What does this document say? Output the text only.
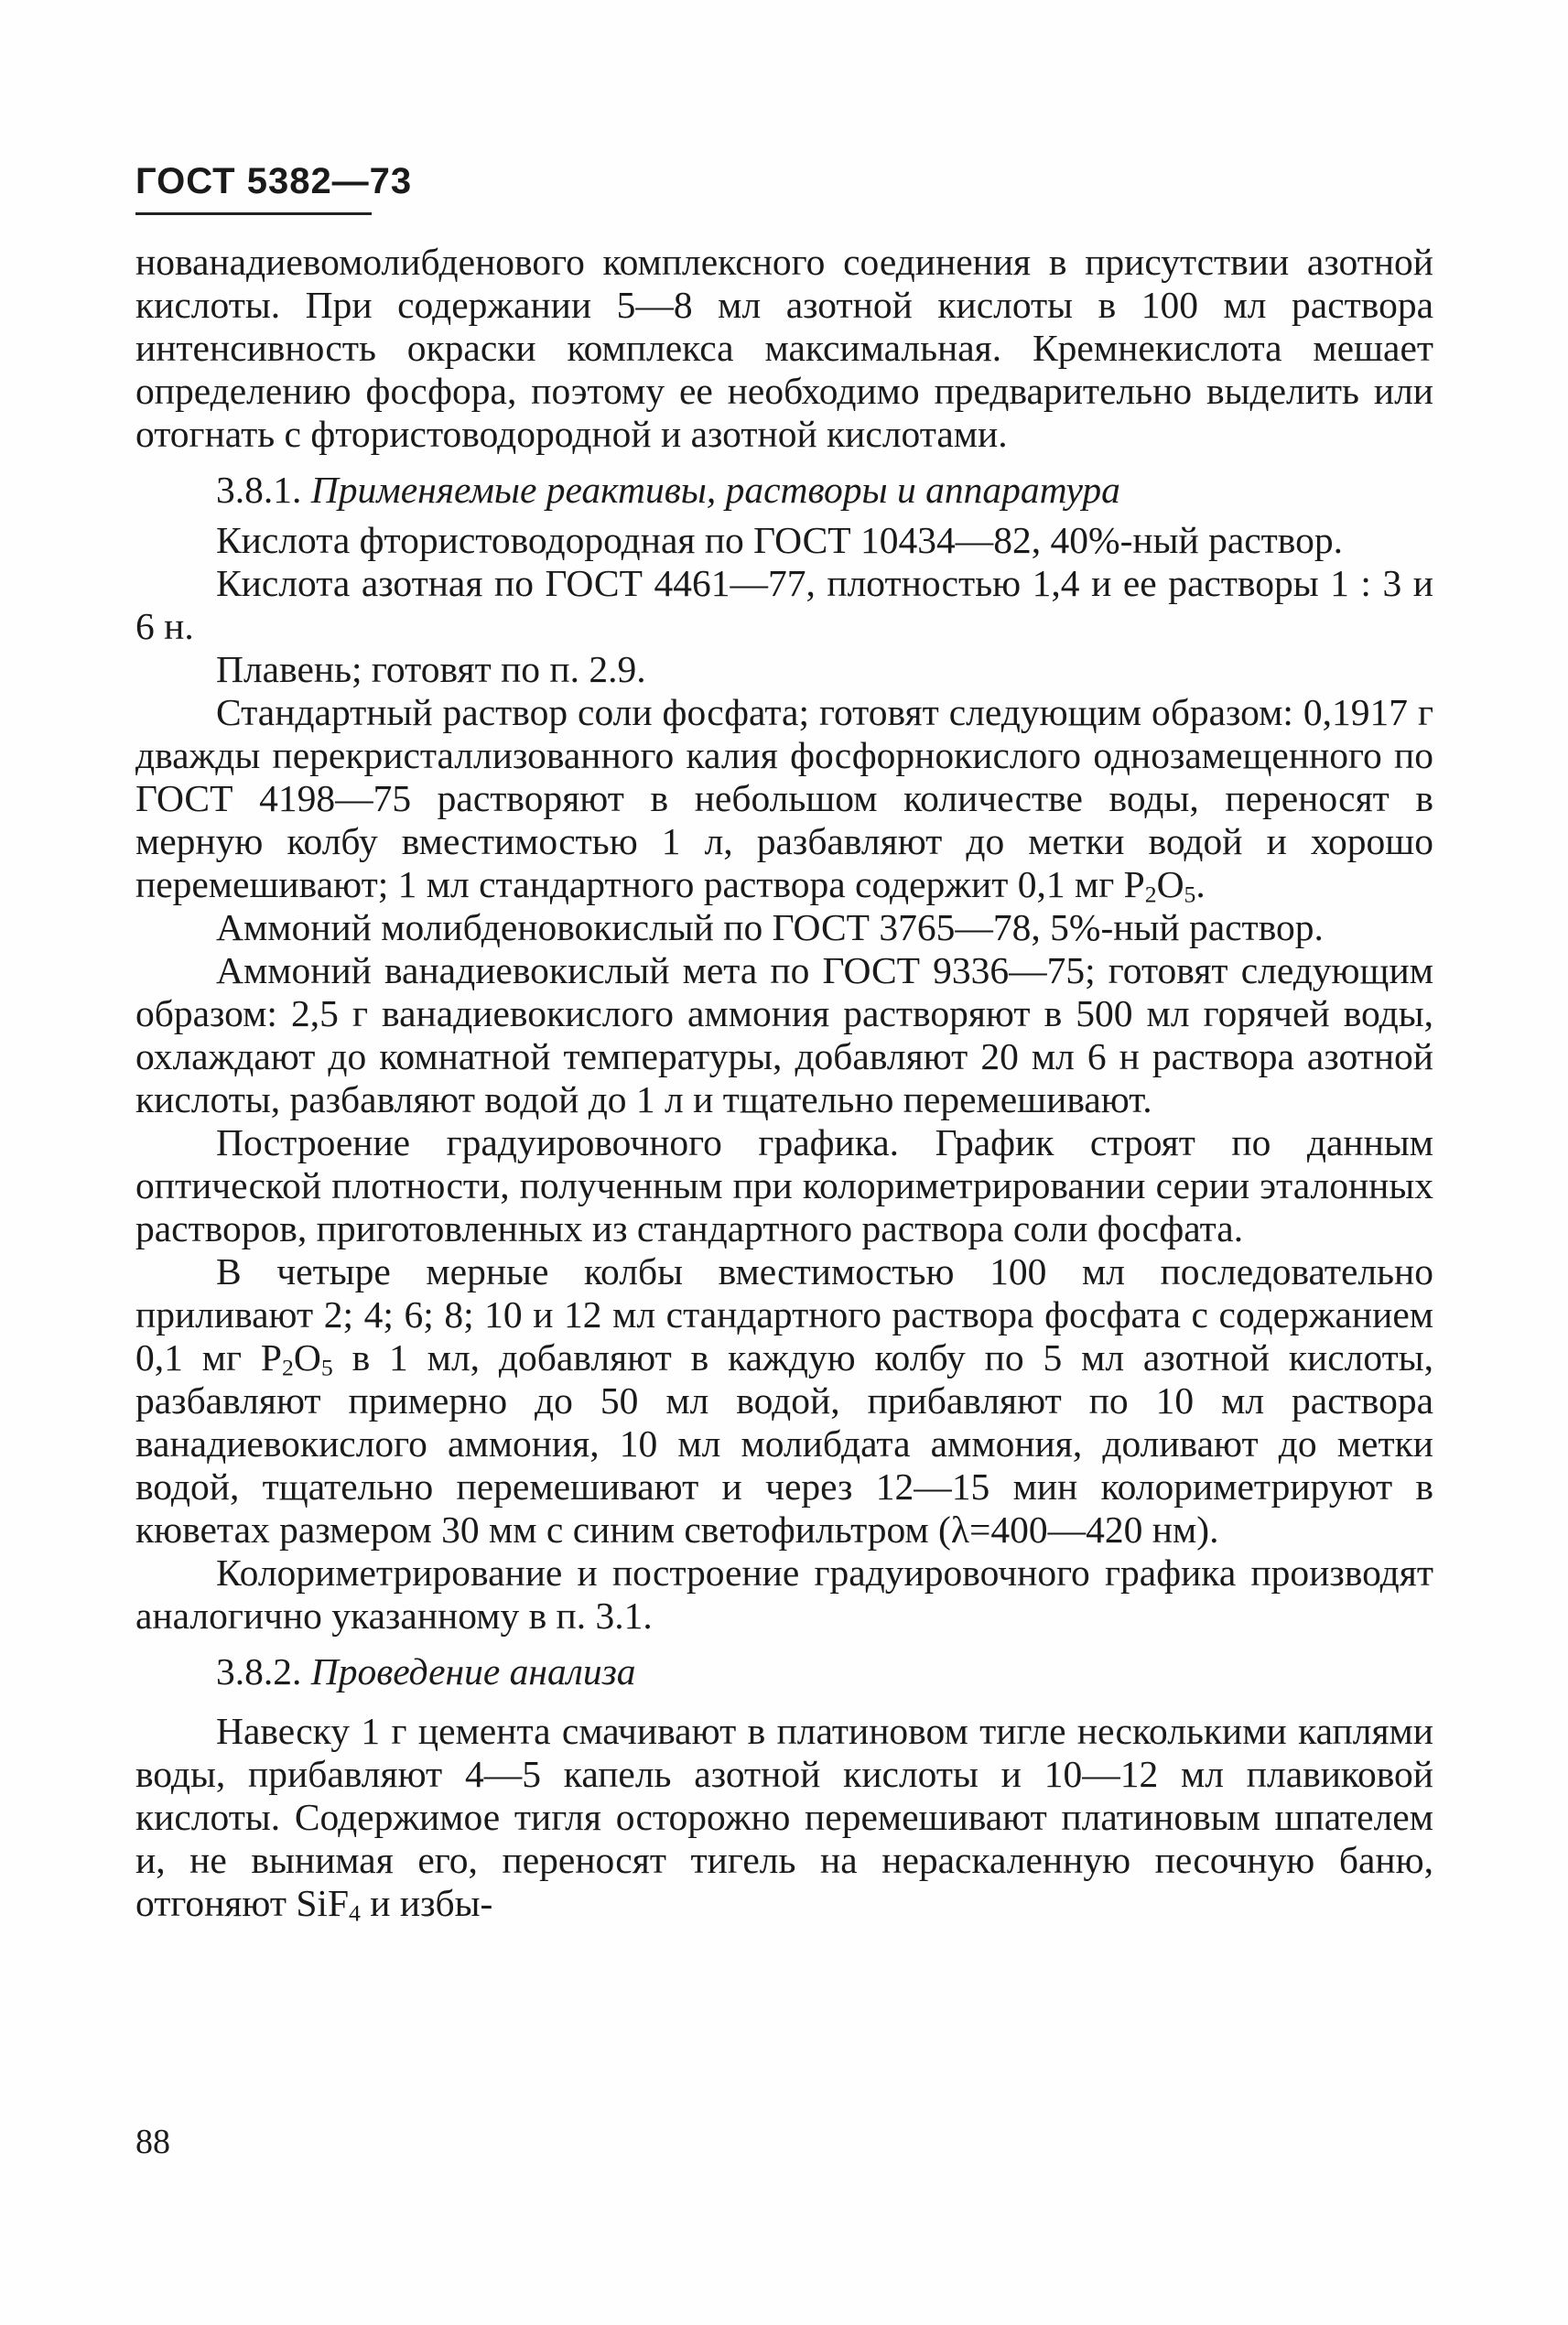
ГОСТ 5382—73

нованадиевомолибденового комплексного соединения в присутствии азотной кислоты. При содержании 5—8 мл азотной кислоты в 100 мл раствора интенсивность окраски комплекса максимальная. Кремнекислота мешает определению фосфора, поэтому ее необходимо предварительно выделить или отогнать с фтористоводородной и азотной кислотами.

3.8.1. Применяемые реактивы, растворы и аппаратура

Кислота фтористоводородная по ГОСТ 10434—82, 40%-ный раствор.

Кислота азотная по ГОСТ 4461—77, плотностью 1,4 и ее растворы 1 : 3 и 6 н.

Плавень; готовят по п. 2.9.

Стандартный раствор соли фосфата; готовят следующим образом: 0,1917 г дважды перекристаллизованного калия фосфорнокислого однозамещенного по ГОСТ 4198—75 растворяют в небольшом количестве воды, переносят в мерную колбу вместимостью 1 л, разбавляют до метки водой и хорошо перемешивают; 1 мл стандартного раствора содержит 0,1 мг $P_2O_5$.

Аммоний молибденовокислый по ГОСТ 3765—78, 5%-ный раствор.

Аммоний ванадиевокислый мета по ГОСТ 9336—75; готовят следующим образом: 2,5 г ванадиевокислого аммония растворяют в 500 мл горячей воды, охлаждают до комнатной температуры, добавляют 20 мл 6 н раствора азотной кислоты, разбавляют водой до 1 л и тщательно перемешивают.

Построение градуировочного графика. График строят по данным оптической плотности, полученным при колориметрировании серии эталонных растворов, приготовленных из стандартного раствора соли фосфата.

В четыре мерные колбы вместимостью 100 мл последовательно приливают 2; 4; 6; 8; 10 и 12 мл стандартного раствора фосфата с содержанием 0,1 мг $P_2O_5$ в 1 мл, добавляют в каждую колбу по 5 мл азотной кислоты, разбавляют примерно до 50 мл водой, прибавляют по 10 мл раствора ванадиевокислого аммония, 10 мл молибдата аммония, доливают до метки водой, тщательно перемешивают и через 12—15 мин колориметрируют в кюветах размером 30 мм с синим светофильтром (λ=400—420 нм).

Колориметрирование и построение градуировочного графика производят аналогично указанному в п. 3.1.

3.8.2. Проведение анализа

Навеску 1 г цемента смачивают в платиновом тигле несколькими каплями воды, прибавляют 4—5 капель азотной кислоты и 10—12 мл плавиковой кислоты. Содержимое тигля осторожно перемешивают платиновым шпателем и, не вынимая его, переносят тигель на нераскаленную песочную баню, отгоняют SiF$_4$ и избы-

88
